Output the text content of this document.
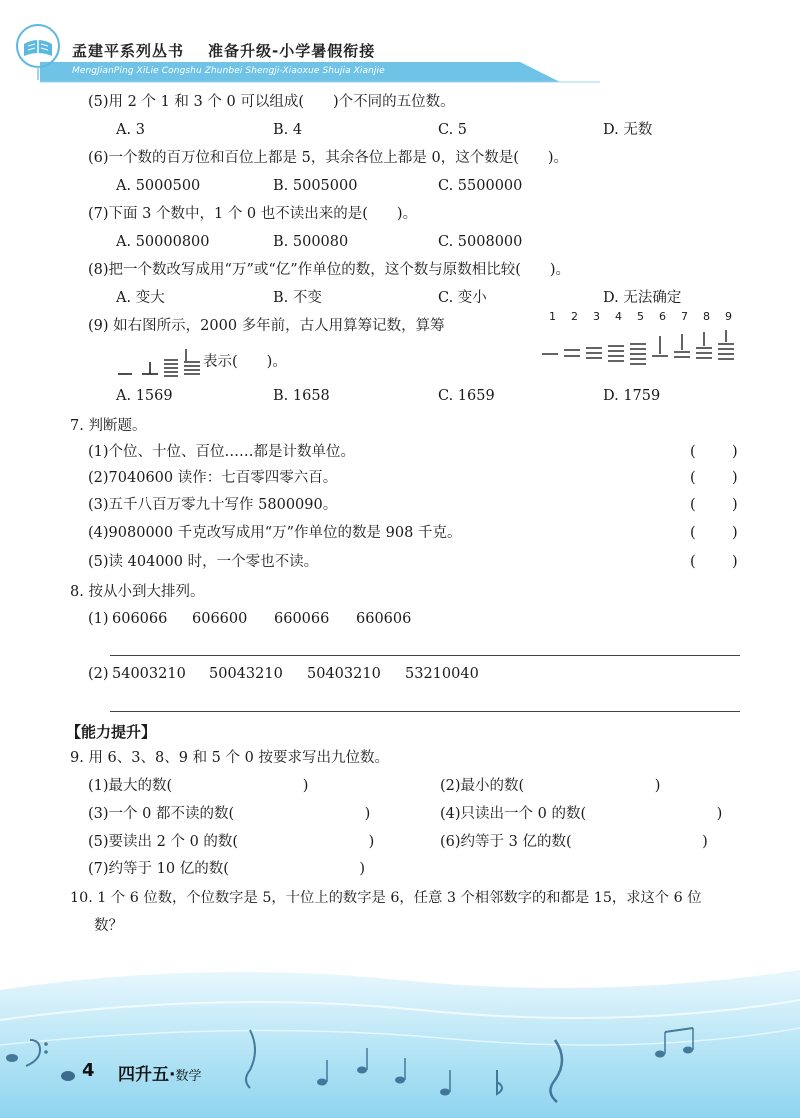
孟建平系列丛书 准备升级-小学暑假衔接
MengJianPing XiLie Congshu Zhunbei Shengji-Xiaoxue Shujia Xianjie
(5)用 2 个 1 和 3 个 0 可以组成(　　)个不同的五位数。
A. 3	B. 4	C. 5	D. 无数
(6)一个数的百万位和百位上都是 5，其余各位上都是 0，这个数是(　　)。
A. 5000500	B. 5005000	C. 5500000
(7)下面 3 个数中，1 个 0 也不读出来的是(　　)。
A. 50000800	B. 500080	C. 5008000
(8)把一个数改写成用“万”或“亿”作单位的数，这个数与原数相比较(　　)。
A. 变大	B. 不变	C. 变小	D. 无法确定
(9) 如右图所示，2000 多年前，古人用算筹记数，算筹
表示(　　)。
1 2 3 4 5 6 7 8 9
A. 1569	B. 1658	C. 1659	D. 1759
7. 判断题。
(1)个位、十位、百位……都是计数单位。	(	)
(2)7040600 读作：七百零四零六百。	(	)
(3)五千八百万零九十写作 5800090。	(	)
(4)9080000 千克改写成用“万”作单位的数是 908 千克。	(	)
(5)读 404000 时，一个零也不读。	(	)
8. 按从小到大排列。
(1) 606066 606600 660066 660606
(2) 54003210 50043210 50403210 53210040
【能力提升】
9. 用 6、3、8、9 和 5 个 0 按要求写出九位数。
(1)最大的数(　　　　　　　　　)	(2)最小的数(　　　　　　　　　)
(3)一个 0 都不读的数(　　　　　　　　　)	(4)只读出一个 0 的数(　　　　　　　　　)
(5)要读出 2 个 0 的数(　　　　　　　　　)	(6)约等于 3 亿的数(　　　　　　　　　)
(7)约等于 10 亿的数(　　　　　　　　　)
10. 1 个 6 位数，个位数字是 5，十位上的数字是 6，任意 3 个相邻数字的和都是 15，求这个 6 位
数？
4 四升五·数学
